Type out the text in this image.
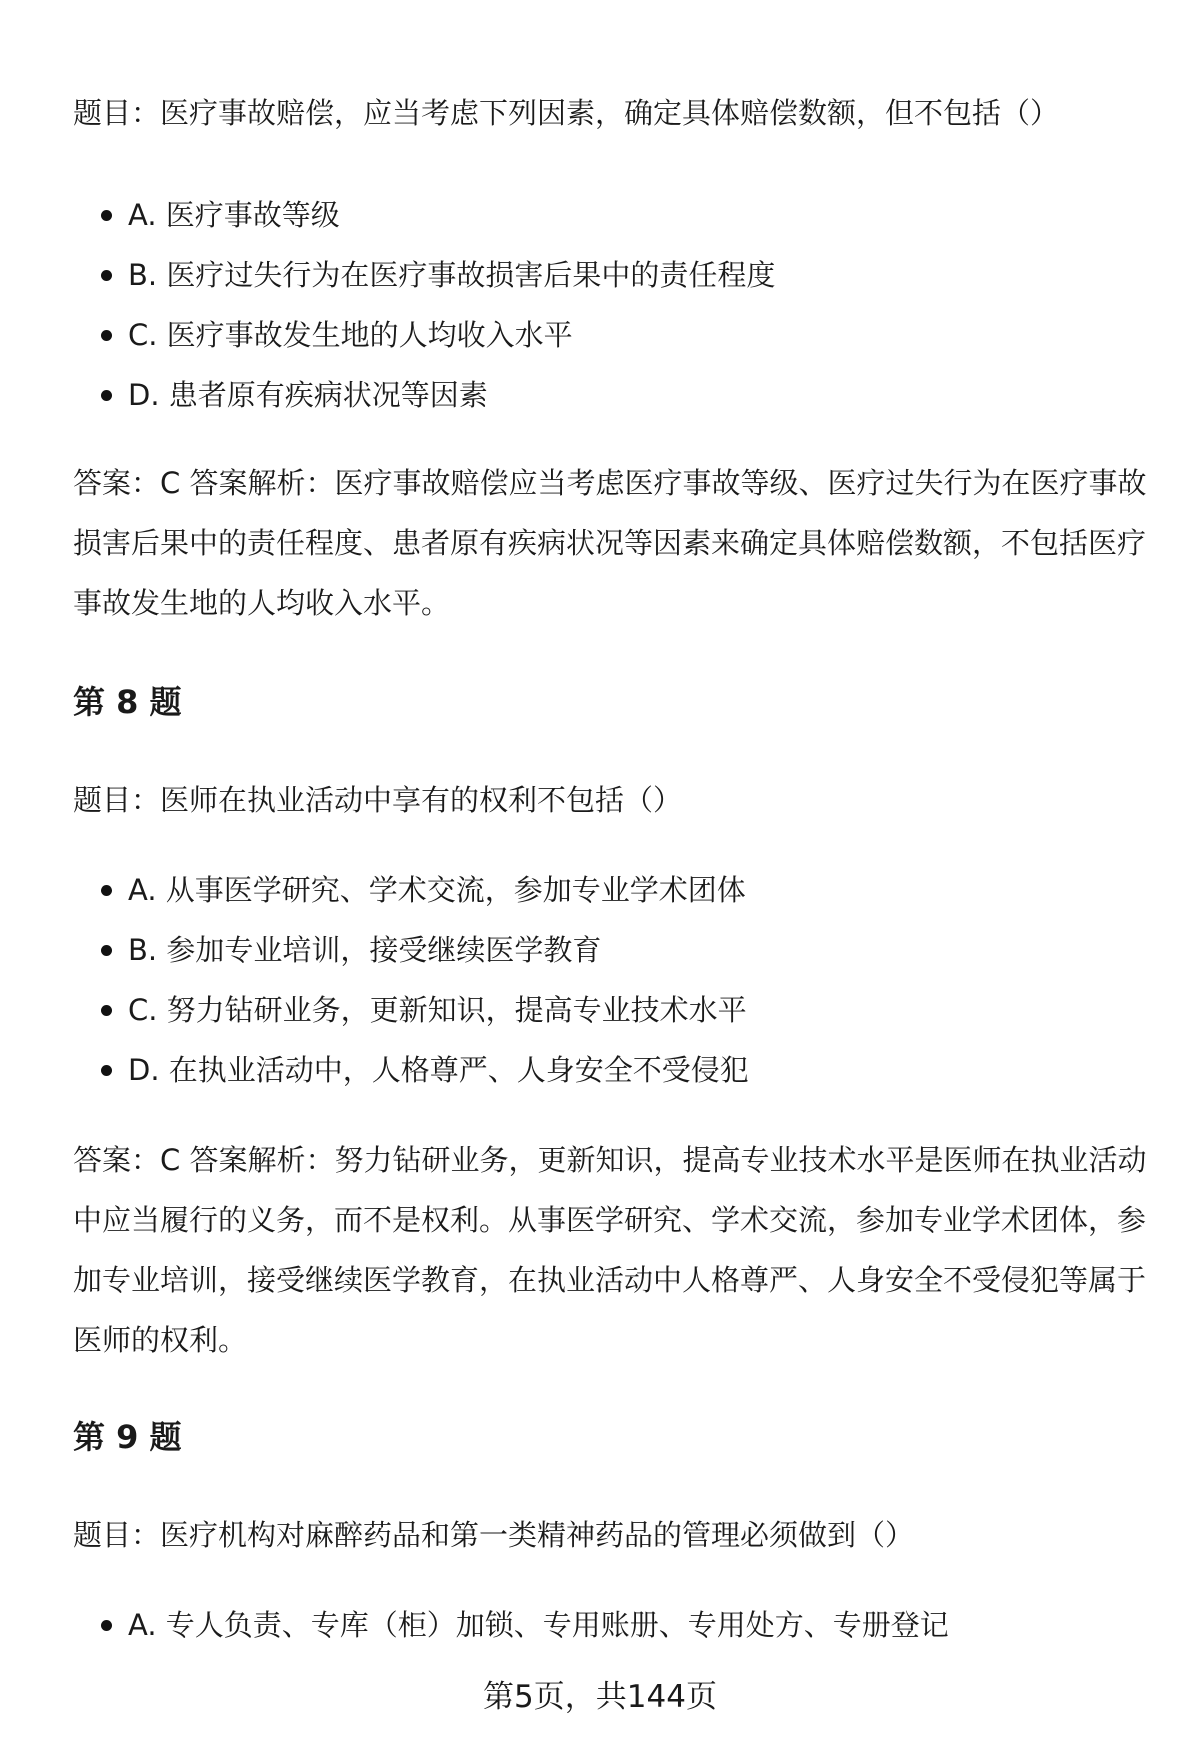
题目：医疗事故赔偿，应当考虑下列因素，确定具体赔偿数额，但不包括（）

A. 医疗事故等级
B. 医疗过失行为在医疗事故损害后果中的责任程度
C. 医疗事故发生地的人均收入水平
D. 患者原有疾病状况等因素

答案：C 答案解析：医疗事故赔偿应当考虑医疗事故等级、医疗过失行为在医疗事故损害后果中的责任程度、患者原有疾病状况等因素来确定具体赔偿数额，不包括医疗事故发生地的人均收入水平。

第 8 题

题目：医师在执业活动中享有的权利不包括（）

A. 从事医学研究、学术交流，参加专业学术团体
B. 参加专业培训，接受继续医学教育
C. 努力钻研业务，更新知识，提高专业技术水平
D. 在执业活动中，人格尊严、人身安全不受侵犯

答案：C 答案解析：努力钻研业务，更新知识，提高专业技术水平是医师在执业活动中应当履行的义务，而不是权利。从事医学研究、学术交流，参加专业学术团体，参加专业培训，接受继续医学教育，在执业活动中人格尊严、人身安全不受侵犯等属于医师的权利。

第 9 题

题目：医疗机构对麻醉药品和第一类精神药品的管理必须做到（）

A. 专人负责、专库（柜）加锁、专用账册、专用处方、专册登记
第5页，共144页
